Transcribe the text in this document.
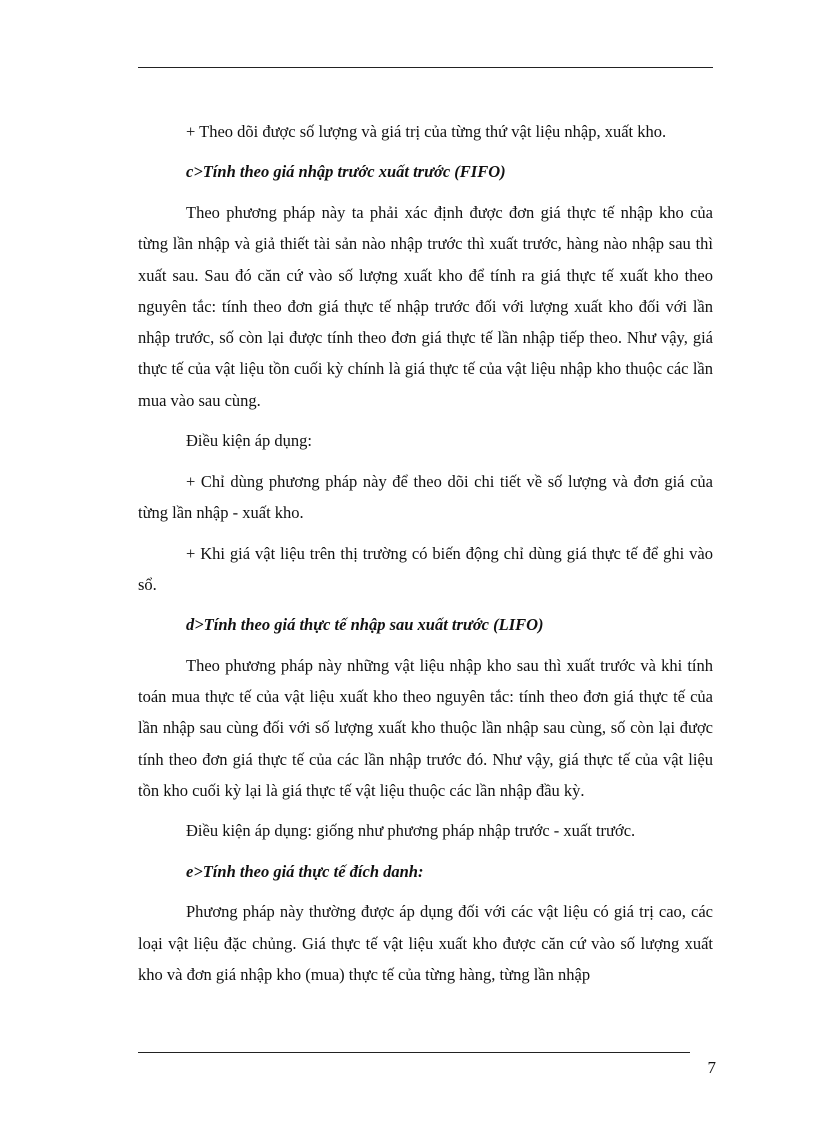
+ Theo dõi được số lượng và giá trị của từng thứ vật liệu nhập, xuất kho.

c>Tính theo giá nhập trước xuất trước (FIFO)

Theo phương pháp này ta phải xác định được đơn giá thực tế nhập kho của từng lần nhập và giả thiết tài sản nào nhập trước thì xuất trước, hàng nào nhập sau thì xuất sau. Sau đó căn cứ vào số lượng xuất kho để tính ra giá thực tế xuất kho theo nguyên tắc: tính theo đơn giá thực tế nhập trước đối với lượng xuất kho đối với lần nhập trước, số còn lại được tính theo đơn giá thực tế lần nhập tiếp theo. Như vậy, giá thực tế của vật liệu tồn cuối kỳ chính là giá thực tế của vật liệu nhập kho thuộc các lần mua vào sau cùng.

Điều kiện áp dụng:

+ Chỉ dùng phương pháp này để theo dõi chi tiết về số lượng và đơn giá của từng lần nhập - xuất kho.

+ Khi giá vật liệu trên thị trường có biến động chỉ dùng giá thực tế để ghi vào sổ.

d>Tính theo giá thực tế nhập sau xuất trước (LIFO)

Theo phương pháp này những vật liệu nhập kho sau thì xuất trước và khi tính toán mua thực tế của vật liệu xuất kho theo nguyên tắc: tính theo đơn giá thực tế của lần nhập sau cùng đối với số lượng xuất kho thuộc lần nhập sau cùng, số còn lại được tính theo đơn giá thực tế của các lần nhập trước đó. Như vậy, giá thực tế của vật liệu tồn kho cuối kỳ lại là giá thực tế vật liệu thuộc các lần nhập đầu kỳ.

Điều kiện áp dụng: giống như phương pháp nhập trước - xuất trước.

e>Tính theo giá thực tế đích danh:

Phương pháp này thường được áp dụng đối với các vật liệu có giá trị cao, các loại vật liệu đặc chủng. Giá thực tế vật liệu xuất kho được căn cứ vào số lượng xuất kho và đơn giá nhập kho (mua) thực tế của từng hàng, từng lần nhập

7
